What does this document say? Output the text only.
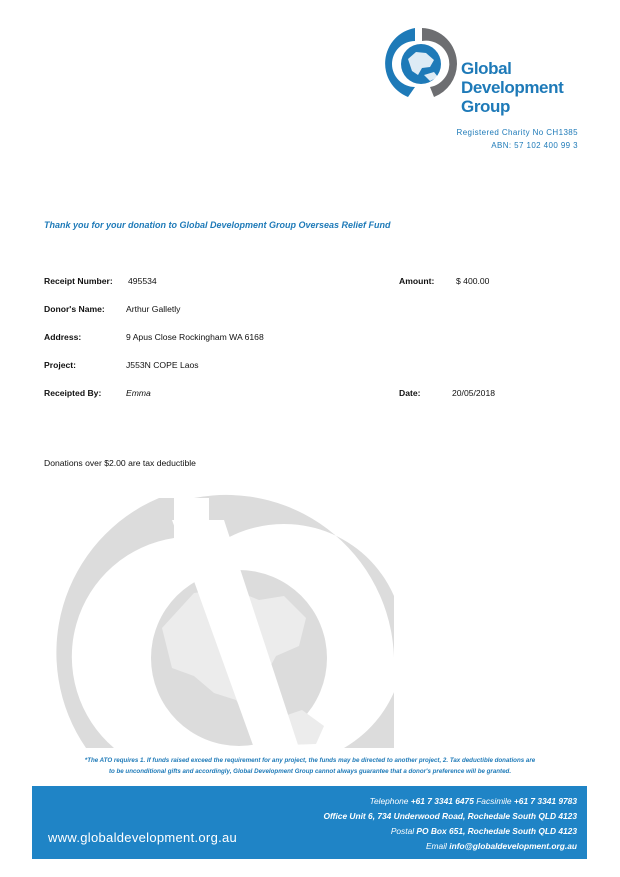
Global
Development
Group
Registered Charity No CH1385
ABN: 57 102 400 99 3
Thank you for your donation to Global Development Group Overseas Relief Fund
Receipt Number: 495534	Amount:	$ 400.00
Donor's Name: Arthur Galletly
Address:	9 Apus Close Rockingham WA 6168
Project:	J553N COPE Laos
Receipted By:	Emma	Date:	20/05/2018
Donations over $2.00 are tax deductible
*The ATO requires 1. If funds raised exceed the requirement for any project, the funds may be directed to another project, 2. Tax deductible donations are
to be unconditional gifts and accordingly, Global Development Group cannot always guarantee that a donor's preference will be granted.
www.globaldevelopment.org.au
Telephone +61 7 3341 6475 Facsimile +61 7 3341 9783
Office Unit 6, 734 Underwood Road, Rochedale South QLD 4123
Postal PO Box 651, Rochedale South QLD 4123
Email info@globaldevelopment.org.au
